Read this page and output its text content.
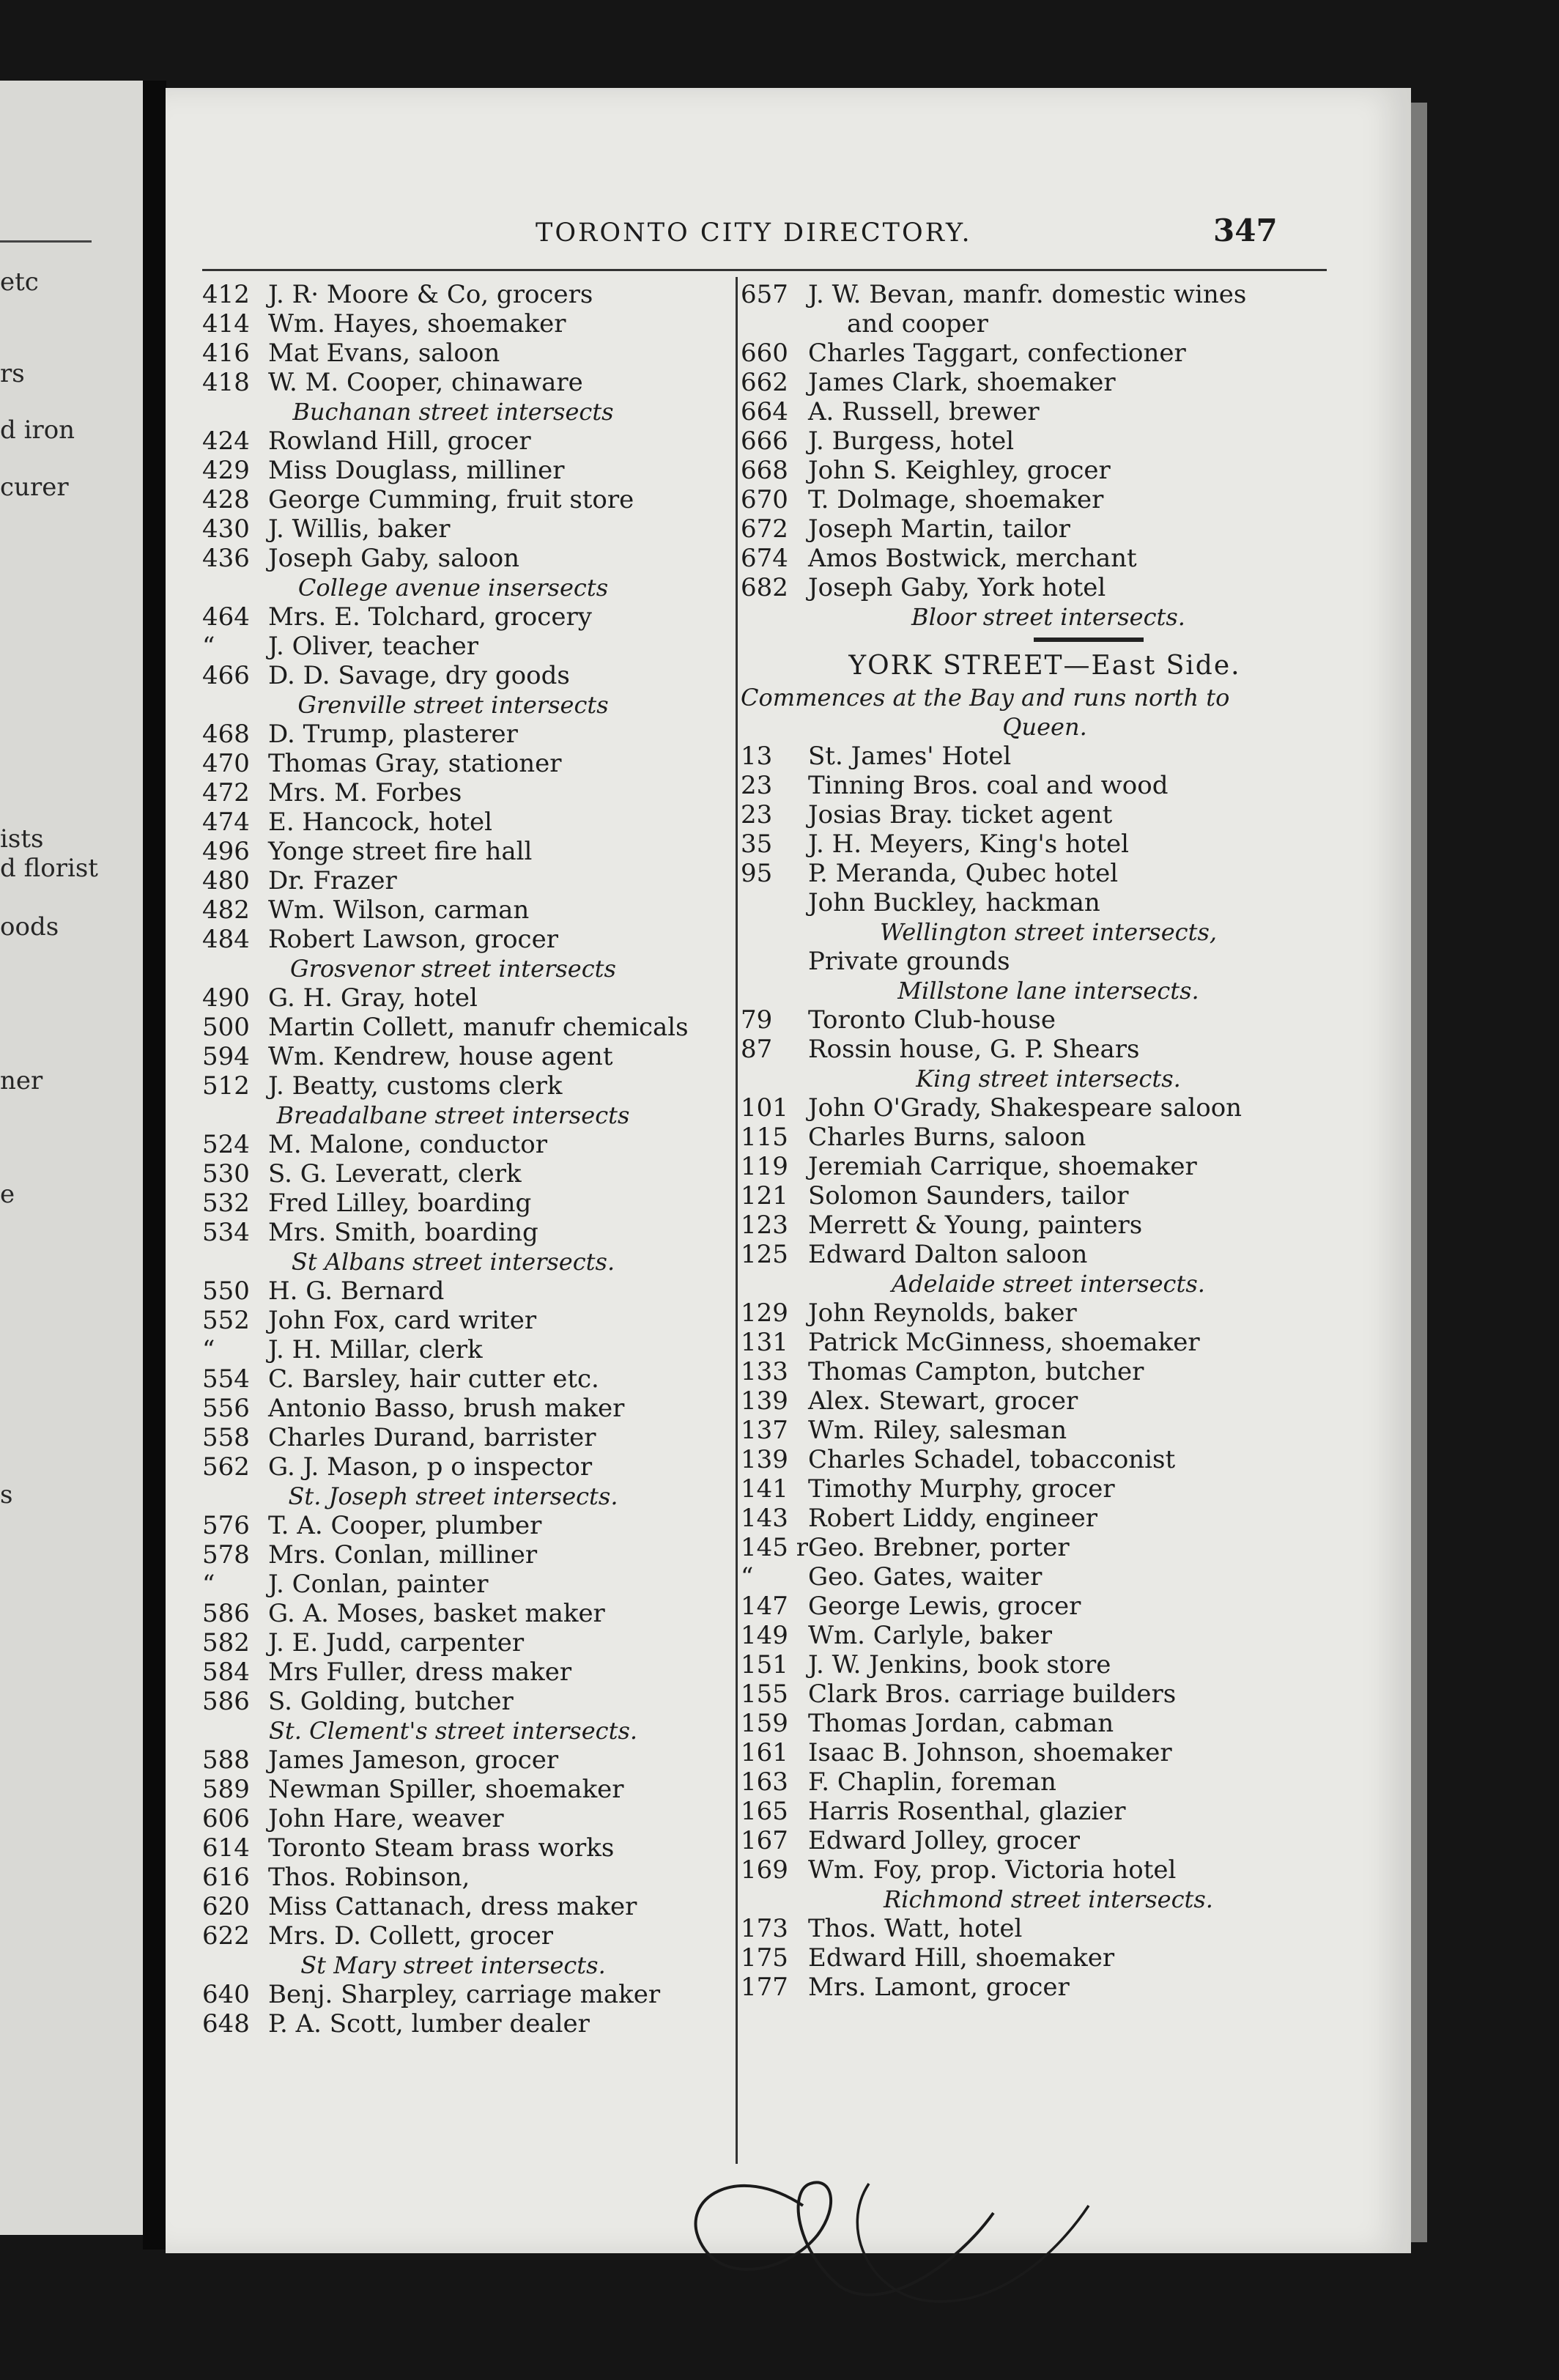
etc
rs
d iron
curer
ists
d florist
oods
ner
e
s
TORONTO CITY DIRECTORY.	347
412 J. R· Moore & Co, grocers
414 Wm. Hayes, shoemaker
416 Mat Evans, saloon
418 W. M. Cooper, chinaware
Buchanan street intersects
424 Rowland Hill, grocer
429 Miss Douglass, milliner
428 George Cumming, fruit store
430 J. Willis, baker
436 Joseph Gaby, saloon
College avenue insersects
464 Mrs. E. Tolchard, grocery
“ J. Oliver, teacher
466 D. D. Savage, dry goods
Grenville street intersects
468 D. Trump, plasterer
470 Thomas Gray, stationer
472 Mrs. M. Forbes
474 E. Hancock, hotel
496 Yonge street fire hall
480 Dr. Frazer
482 Wm. Wilson, carman
484 Robert Lawson, grocer
Grosvenor street intersects
490 G. H. Gray, hotel
500 Martin Collett, manufr chemicals
594 Wm. Kendrew, house agent
512 J. Beatty, customs clerk
Breadalbane street intersects
524 M. Malone, conductor
530 S. G. Leveratt, clerk
532 Fred Lilley, boarding
534 Mrs. Smith, boarding
St Albans street intersects.
550 H. G. Bernard
552 John Fox, card writer
“ J. H. Millar, clerk
554 C. Barsley, hair cutter etc.
556 Antonio Basso, brush maker
558 Charles Durand, barrister
562 G. J. Mason, p o inspector
St. Joseph street intersects.
576 T. A. Cooper, plumber
578 Mrs. Conlan, milliner
“ J. Conlan, painter
586 G. A. Moses, basket maker
582 J. E. Judd, carpenter
584 Mrs Fuller, dress maker
586 S. Golding, butcher
St. Clement's street intersects.
588 James Jameson, grocer
589 Newman Spiller, shoemaker
606 John Hare, weaver
614 Toronto Steam brass works
616 Thos. Robinson,
620 Miss Cattanach, dress maker
622 Mrs. D. Collett, grocer
St Mary street intersects.
640 Benj. Sharpley, carriage maker
648 P. A. Scott, lumber dealer
657 J. W. Bevan, manfr. domestic wines
and cooper
660 Charles Taggart, confectioner
662 James Clark, shoemaker
664 A. Russell, brewer
666 J. Burgess, hotel
668 John S. Keighley, grocer
670 T. Dolmage, shoemaker
672 Joseph Martin, tailor
674 Amos Bostwick, merchant
682 Joseph Gaby, York hotel
Bloor street intersects.
YORK STREET—East Side.
Commences at the Bay and runs north to
Queen.
13 St. James' Hotel
23 Tinning Bros. coal and wood
23 Josias Bray. ticket agent
35 J. H. Meyers, King's hotel
95 P. Meranda, Qubec hotel
John Buckley, hackman
Wellington street intersects,
Private grounds
Millstone lane intersects.
79 Toronto Club-house
87 Rossin house, G. P. Shears
King street intersects.
101 John O'Grady, Shakespeare saloon
115 Charles Burns, saloon
119 Jeremiah Carrique, shoemaker
121 Solomon Saunders, tailor
123 Merrett & Young, painters
125 Edward Dalton saloon
Adelaide street intersects.
129 John Reynolds, baker
131 Patrick McGinness, shoemaker
133 Thomas Campton, butcher
139 Alex. Stewart, grocer
137 Wm. Riley, salesman
139 Charles Schadel, tobacconist
141 Timothy Murphy, grocer
143 Robert Liddy, engineer
145 rGeo. Brebner, porter
“ Geo. Gates, waiter
147 George Lewis, grocer
149 Wm. Carlyle, baker
151 J. W. Jenkins, book store
155 Clark Bros. carriage builders
159 Thomas Jordan, cabman
161 Isaac B. Johnson, shoemaker
163 F. Chaplin, foreman
165 Harris Rosenthal, glazier
167 Edward Jolley, grocer
169 Wm. Foy, prop. Victoria hotel
Richmond street intersects.
173 Thos. Watt, hotel
175 Edward Hill, shoemaker
177 Mrs. Lamont, grocer
